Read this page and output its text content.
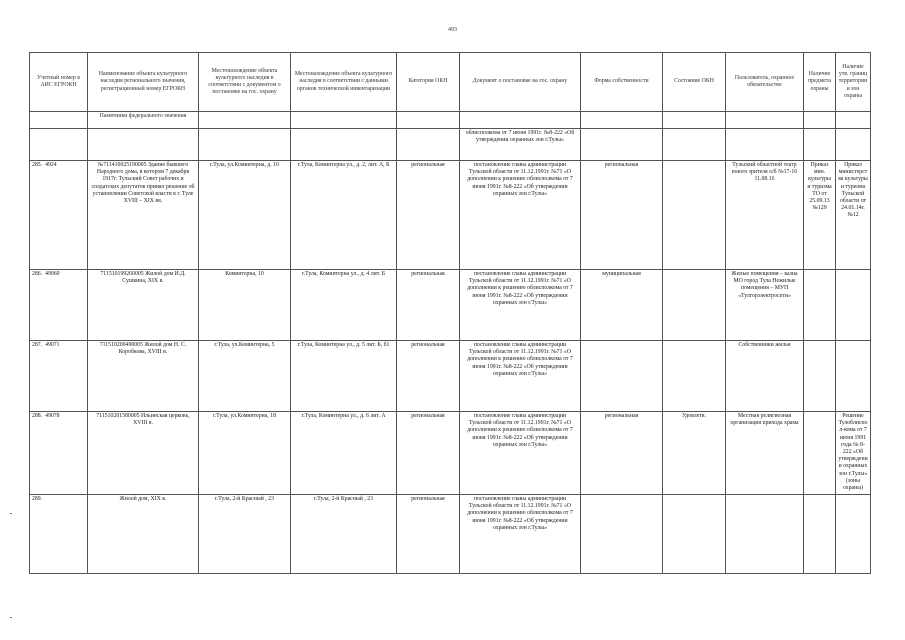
493
Учетный номер в АИС ЕГРОКН	Наименование объекта культурного наследия регионального значения, регистрационный номер ЕГРОКН	Местонахождение объекта культурного наследия в соответствии с документом о постановке на гос. охрану	Местонахождение объекта культурного наследия в соответствии с данными органов технической инвентаризации	Категория ОКН	Документ о постановке на гос. охрану	Форма собственности	Состояние ОКН	Пользователь, охранное обязательство	Наличие предмета охраны	Наличие утв. границ территории и зон охраны
	Памятники федерального значения									
					облисполкома от 7 июня 1991г. №8-222 «Об утверждении охранных зон г.Тулы»					
285. 4924	№711410025190005 Здание бывшего Народного дома, в котором 7 декабря 1917г. Тульский Совет рабочих и солдатских депутатов принял решение об установлении Советской власти в г. Туле XVIII – XIX вв.	г.Тула, ул.Коминтерна, д. 10	г.Тула, Коминтерна ул., д. 2, лит. А, Б	региональная	постановление главы администрации Тульской области от 11.12.1991г. №71 «О дополнении к решению облисполкома от 7 июня 1991г. №8-222 «Об утверждении охранных зон г.Тулы»	региональная		Тульский областной театр юного зрителя о/б №17-16 11.08.16	Приказ мин. культуры и туризма ТО от 25.09.13 №129	Приказ министерства культуры и туризма Тульской области от 24.01.14г. №12
286. 49060	711510199260005 Жилой дом И.Д. Сушкина, XIX в.	Коминтерна, 10	г.Тула, Коминтерна ул., д. 4 лит. Б	региональная	постановление главы администрации Тульской области от 11.12.1991г. №71 «О дополнении к решению облисполкома от 7 июня 1991г. №8-222 «Об утверждении охранных зон г.Тулы»	муниципальная		Жилые помещения – казна МО город Тула Нежилые помещения – МУП «Тулгорэлектросети»		
287. 49071	711510200490005 Жилой дом Н. С. Коробкова, XVIII в.	г.Тула, ул.Коминтерна, 5	г.Тула, Коминтерна ул., д. 5 лит. Б, б1	региональная	постановление главы администрации Тульской области от 11.12.1991г. №71 «О дополнении к решению облисполкома от 7 июня 1991г. №8-222 «Об утверждении охранных зон г.Тулы»			Собственники жилья		
288. 49078	711510201580005 Ильинская церковь, XVIII в.	г.Тула, ул.Коминтерна, 18	г.Тула, Коминтерна ул., д. 6 лит. А	региональная	постановление главы администрации Тульской области от 11.12.1991г. №71 «О дополнении к решению облисполкома от 7 июня 1991г. №8-222 «Об утверждении охранных зон г.Тулы»	региональная	Удовлетв.	Местная религиозная организация прихода храма		Решение Тулоблиспол-кома от 7 июня 1991 года № 8-222 «Об утверждении охранных зон г.Тулы» (зоны охраны)
289.	Жилой дом, XIX в.	г.Тула, 2-й Красный , 23	г.Тула, 2-й Красный , 23	региональная	постановление главы администрации Тульской области от 11.12.1991г. №71 «О дополнении к решению облисполкома от 7 июня 1991г. №8-222 «Об утверждении охранных зон г.Тулы»					
